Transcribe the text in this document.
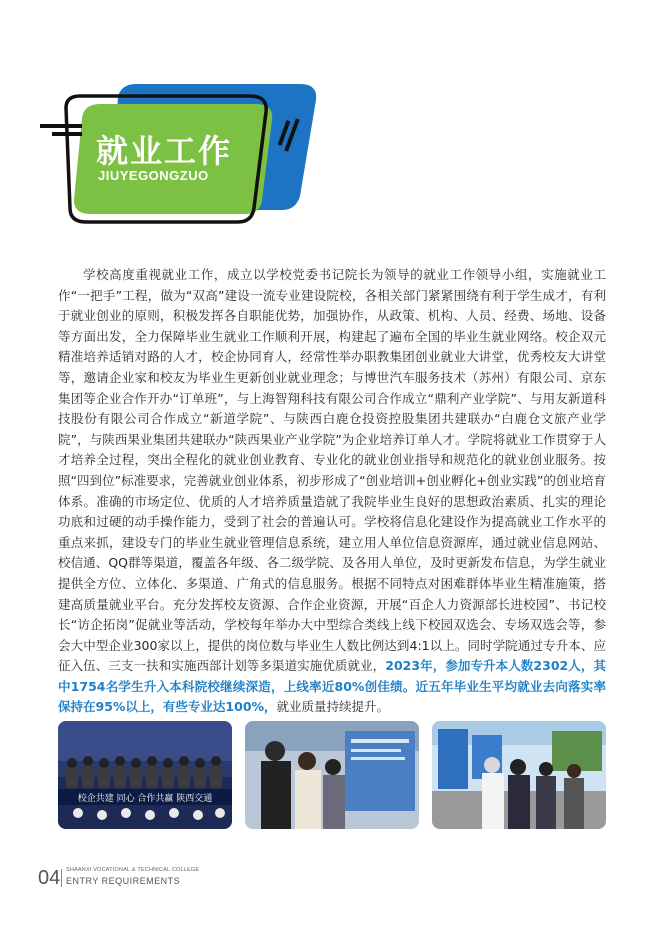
就业工作
JIUYEGONGZUO

学校高度重视就业工作，成立以学校党委书记院长为领导的就业工作领导小组，实施就业工作“一把手”工程，做为“双高”建设一流专业建设院校，各相关部门紧紧围绕有利于学生成才，有利于就业创业的原则，积极发挥各自职能优势，加强协作，从政策、机构、人员、经费、场地、设备等方面出发，全力保障毕业生就业工作顺利开展，构建起了遍布全国的毕业生就业网络。校企双元精准培养适销对路的人才，校企协同育人，经常性举办职教集团创业就业大讲堂，优秀校友大讲堂等，邀请企业家和校友为毕业生更新创业就业理念；与博世汽车服务技术（苏州）有限公司、京东集团等企业合作开办“订单班”，与上海智翔科技有限公司合作成立“鼎利产业学院”、与用友新道科技股份有限公司合作成立“新道学院”、与陕西白鹿仓投资控股集团共建联办“白鹿仓文旅产业学院”，与陕西果业集团共建联办“陕西果业产业学院”为企业培养订单人才。学院将就业工作贯穿于人才培养全过程，突出全程化的就业创业教育、专业化的就业创业指导和规范化的就业创业服务。按照“四到位”标准要求，完善就业创业体系，初步形成了“创业培训+创业孵化+创业实践”的创业培育体系。准确的市场定位、优质的人才培养质量造就了我院毕业生良好的思想政治素质、扎实的理论功底和过硬的动手操作能力，受到了社会的普遍认可。学校将信息化建设作为提高就业工作水平的重点来抓，建设专门的毕业生就业管理信息系统，建立用人单位信息资源库，通过就业信息网站、校信通、QQ群等渠道，覆盖各年级、各二级学院、及各用人单位，及时更新发布信息，为学生就业提供全方位、立体化、多渠道、广角式的信息服务。根据不同特点对困难群体毕业生精准施策，搭建高质量就业平台。充分发挥校友资源、合作企业资源，开展“百企人力资源部长进校园”、书记校长“访企拓岗”促就业等活动，学校每年举办大中型综合类线上线下校园双选会、专场双选会等，参会大中型企业300家以上，提供的岗位数与毕业生人数比例达到4:1以上。同时学院通过专升本、应征入伍、三支一扶和实施西部计划等多渠道实施优质就业，2023年，参加专升本人数2302人，其中1754名学生升入本科院校继续深造，上线率近80%创佳绩。近五年毕业生平均就业去向落实率保持在95%以上，有些专业达100%，就业质量持续提升。

校企共建 同心 合作共赢 陕西交通
04 SHAANXI VOCATIONAL & TECHNICAL COLLEGE
ENTRY REQUIREMENTS
